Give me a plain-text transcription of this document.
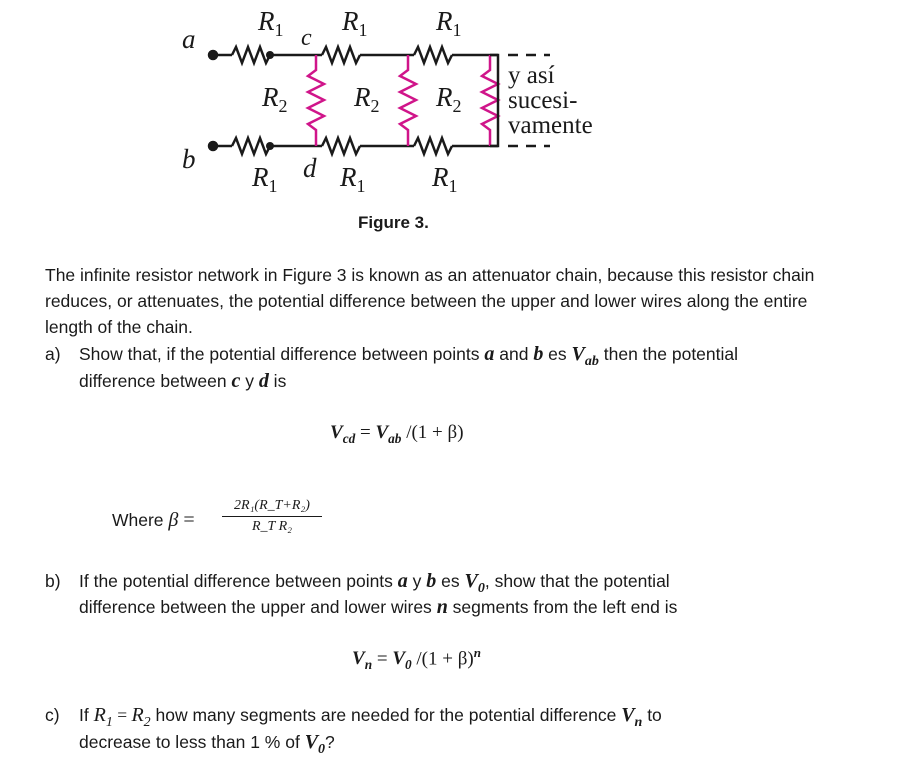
a
b
c
d
$R_1$ $R_1$	$R_1$
$R_2$ $R_2$ $R_2$
$R_1$ $R_1$ $R_1$
y así
sucesi-
vamente
Figure 3.
The infinite resistor network in Figure 3 is known as an attenuator chain, because this resistor chain reduces, or attenuates, the potential difference between the upper and lower wires along the entire length of the chain.
a) Show that, if the potential difference between points a and b es $V_{ab}$ then the potential
difference between c y d is
$V_{cd} = V_{ab}$ /(1 + β)
Where $\beta = \frac{\text{2R₁(R\_T+R₂)}}{\text{R\_T R₂}}$
b) If the potential difference between points a y b es $V_0$, show that the potential
difference between the upper and lower wires n segments from the left end is
$V_n = V_0$ $/(1 + \beta)^n$
c) If $R_1 = R_2$ how many segments are needed for the potential difference $V_n$ to
decrease to less than 1 % of $V_0$?
